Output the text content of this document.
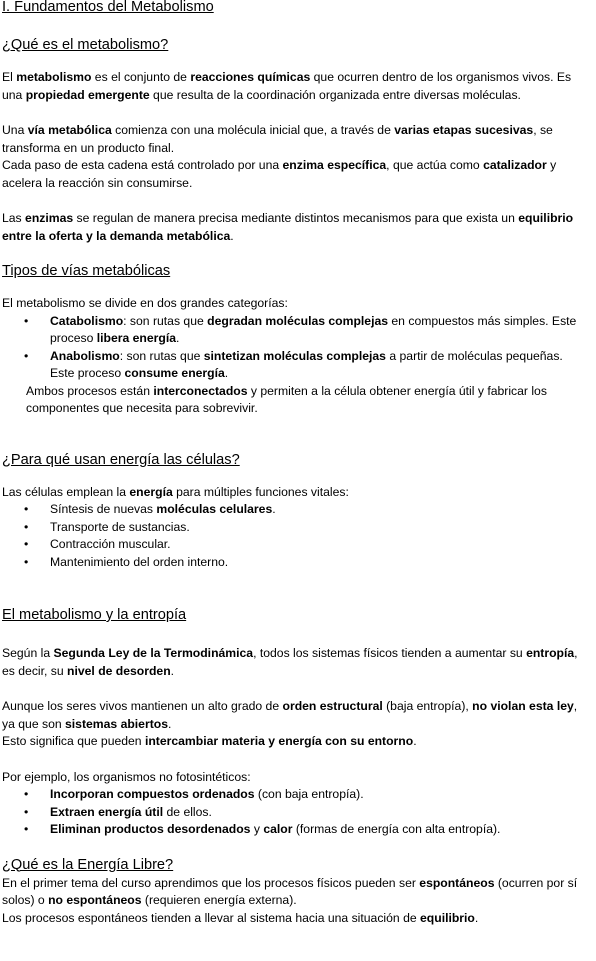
I. Fundamentos del Metabolismo
¿Qué es el metabolismo?

El metabolismo es el conjunto de reacciones químicas que ocurren dentro de los organismos vivos. Es una propiedad emergente que resulta de la coordinación organizada entre diversas moléculas.

Una vía metabólica comienza con una molécula inicial que, a través de varias etapas sucesivas, se transforma en un producto final.

Cada paso de esta cadena está controlado por una enzima específica, que actúa como catalizador y acelera la reacción sin consumirse.

Las enzimas se regulan de manera precisa mediante distintos mecanismos para que exista un equilibrio entre la oferta y la demanda metabólica.

Tipos de vías metabólicas

El metabolismo se divide en dos grandes categorías:

• Catabolismo: son rutas que degradan moléculas complejas en compuestos más simples. Este proceso libera energía.
• Anabolismo: son rutas que sintetizan moléculas complejas a partir de moléculas pequeñas. Este proceso consume energía.

Ambos procesos están interconectados y permiten a la célula obtener energía útil y fabricar los componentes que necesita para sobrevivir.

¿Para qué usan energía las células?

Las células emplean la energía para múltiples funciones vitales:

• Síntesis de nuevas moléculas celulares.
• Transporte de sustancias.
• Contracción muscular.
• Mantenimiento del orden interno.
El metabolismo y la entropía

Según la Segunda Ley de la Termodinámica, todos los sistemas físicos tienden a aumentar su entropía, es decir, su nivel de desorden.

Aunque los seres vivos mantienen un alto grado de orden estructural (baja entropía), no violan esta ley, ya que son sistemas abiertos.

Esto significa que pueden intercambiar materia y energía con su entorno.

Por ejemplo, los organismos no fotosintéticos:

• Incorporan compuestos ordenados (con baja entropía).
• Extraen energía útil de ellos.
• Eliminan productos desordenados y calor (formas de energía con alta entropía).
¿Qué es la Energía Libre?

En el primer tema del curso aprendimos que los procesos físicos pueden ser espontáneos (ocurren por sí solos) o no espontáneos (requieren energía externa).

Los procesos espontáneos tienden a llevar al sistema hacia una situación de equilibrio.
